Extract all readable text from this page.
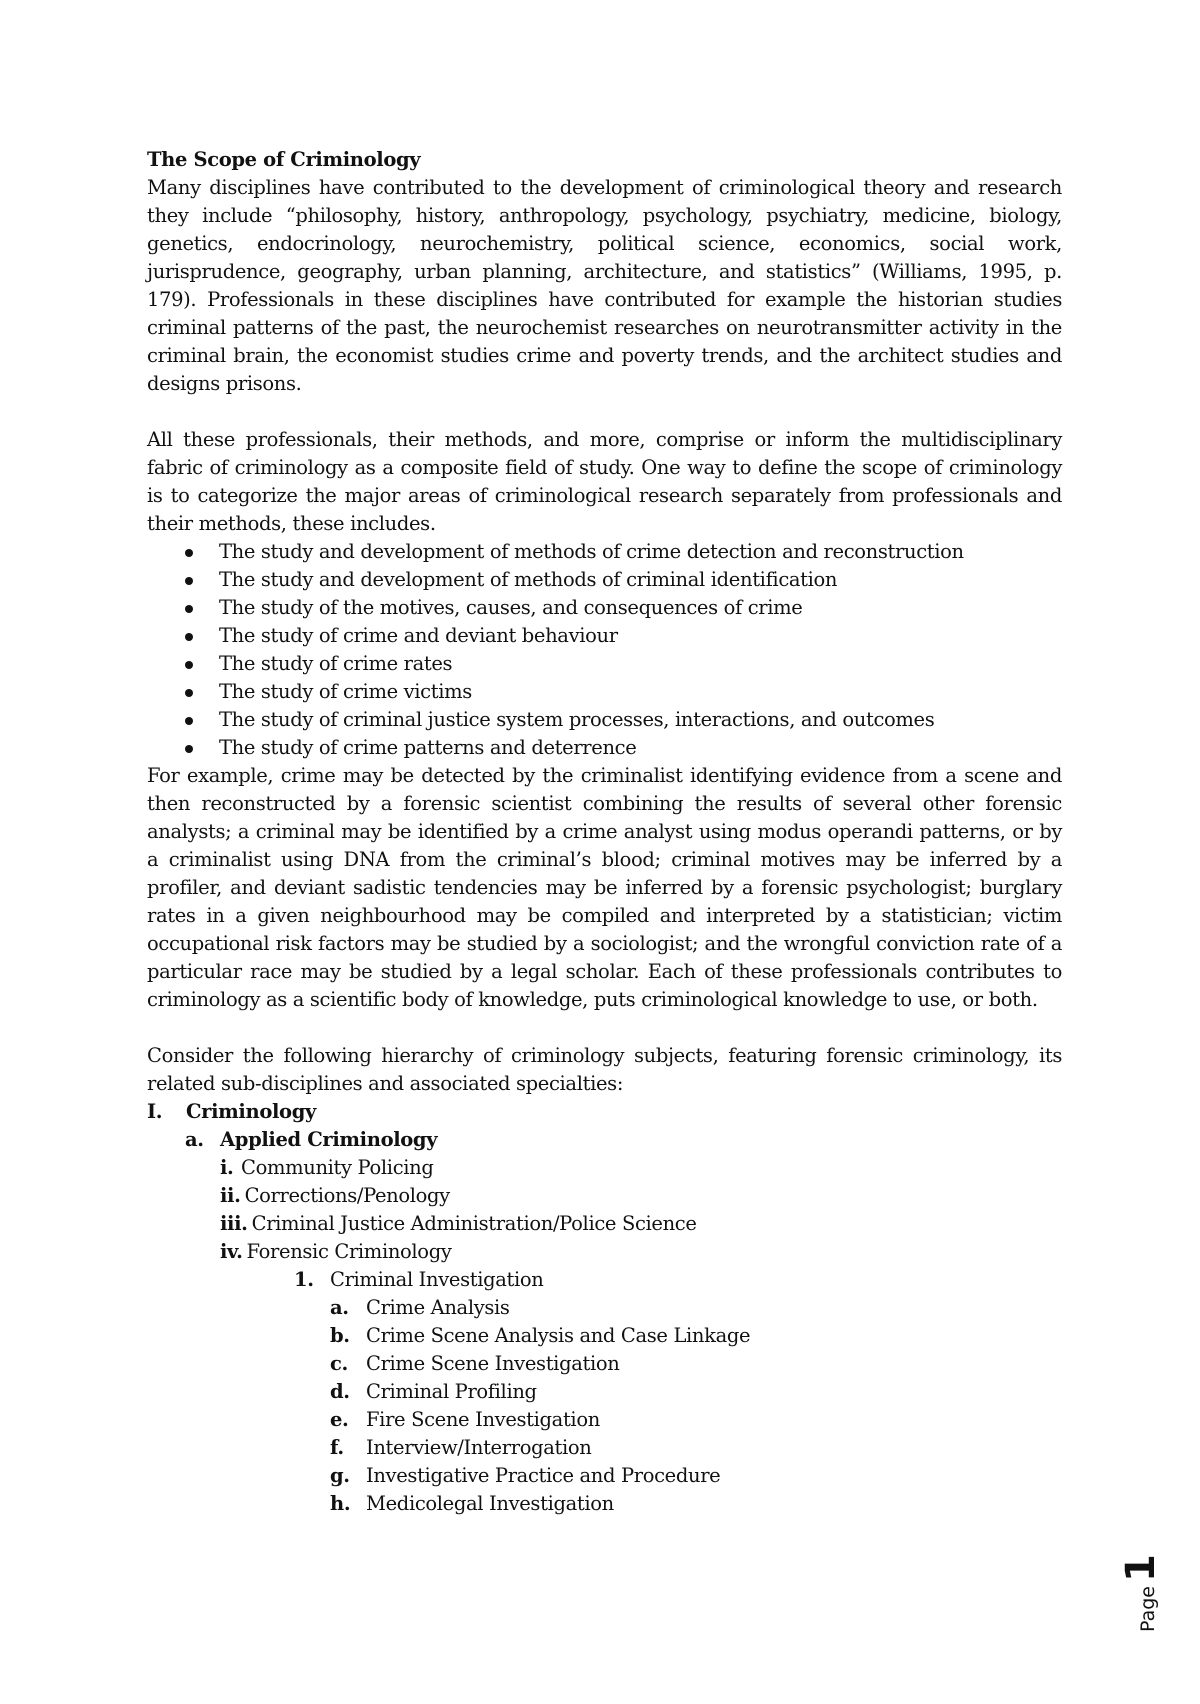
The Scope of Criminology

Many disciplines have contributed to the development of criminological theory and research they include “philosophy, history, anthropology, psychology, psychiatry, medicine, biology, genetics, endocrinology, neurochemistry, political science, economics, social work, jurisprudence, geography, urban planning, architecture, and statistics” (Williams, 1995, p. 179). Professionals in these disciplines have contributed for example the historian studies criminal patterns of the past, the neurochemist researches on neurotransmitter activity in the criminal brain, the economist studies crime and poverty trends, and the architect studies and designs prisons.

All these professionals, their methods, and more, comprise or inform the multidisciplinary fabric of criminology as a composite field of study. One way to define the scope of criminology is to categorize the major areas of criminological research separately from professionals and their methods, these includes.

The study and development of methods of crime detection and reconstruction
The study and development of methods of criminal identification
The study of the motives, causes, and consequences of crime
The study of crime and deviant behaviour
The study of crime rates
The study of crime victims
The study of criminal justice system processes, interactions, and outcomes
The study of crime patterns and deterrence

For example, crime may be detected by the criminalist identifying evidence from a scene and then reconstructed by a forensic scientist combining the results of several other forensic analysts; a criminal may be identified by a crime analyst using modus operandi patterns, or by a criminalist using DNA from the criminal’s blood; criminal motives may be inferred by a profiler, and deviant sadistic tendencies may be inferred by a forensic psychologist; burglary rates in a given neighbourhood may be compiled and interpreted by a statistician; victim occupational risk factors may be studied by a sociologist; and the wrongful conviction rate of a particular race may be studied by a legal scholar. Each of these professionals contributes to criminology as a scientific body of knowledge, puts criminological knowledge to use, or both.

Consider the following hierarchy of criminology subjects, featuring forensic criminology, its related sub-disciplines and associated specialties:

I.	Criminology
a. Applied Criminology
i. Community Policing
ii. Corrections/Penology
iii. Criminal Justice Administration/Police Science
iv. Forensic Criminology
1. Criminal Investigation
a. Crime Analysis
b. Crime Scene Analysis and Case Linkage
c. Crime Scene Investigation
d. Criminal Profiling
e. Fire Scene Investigation
f.	Interview/Interrogation
g. Investigative Practice and Procedure
h. Medicolegal Investigation
Page
1
